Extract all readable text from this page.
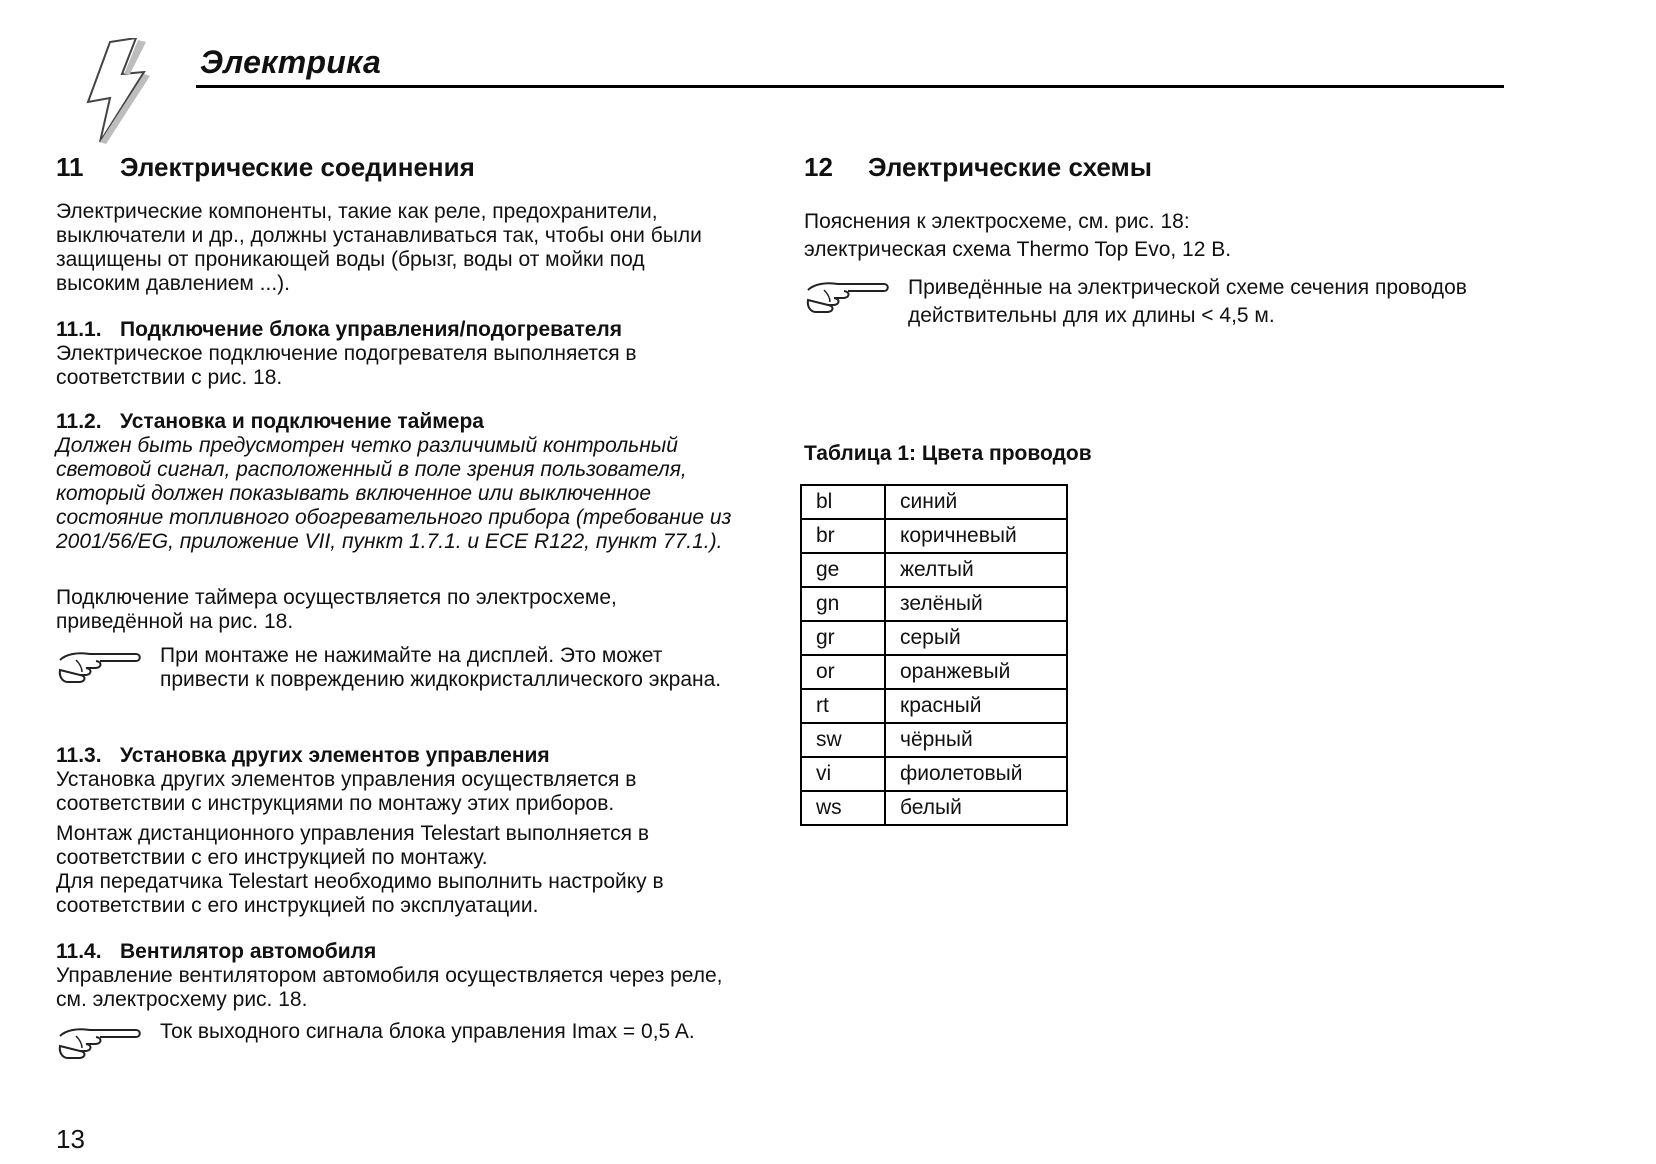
Электрика
11 Электрические соединения

Электрические компоненты, такие как реле, предохранители,

выключатели и др., должны устанавливаться так, чтобы они были

защищены от проникающей воды (брызг, воды от мойки под

высоким давлением ...).

11.1. Подключение блока управления/подогревателя

Электрическое подключение подогревателя выполняется в

соответствии с рис. 18.

11.2. Установка и подключение таймера

Должен быть предусмотрен четко различимый контрольный

световой сигнал, расположенный в поле зрения пользователя,

который должен показывать включенное или выключенное

состояние топливного обогревательного прибора (требование из

2001/56/EG, приложение VII, пункт 1.7.1. и ECE R122, пункт 77.1.).

Подключение таймера осуществляется по электросхеме,

приведённой на рис. 18.

При монтаже не нажимайте на дисплей. Это может
привести к повреждению жидкокристаллического экрана.
11.3. Установка других элементов управления

Установка других элементов управления осуществляется в

соответствии с инструкциями по монтажу этих приборов.

Монтаж дистанционного управления Telestart выполняется в

соответствии с его инструкцией по монтажу.

Для передатчика Telestart необходимо выполнить настройку в

соответствии с его инструкцией по эксплуатации.

11.4. Вентилятор автомобиля

Управление вентилятором автомобиля осуществляется через реле,

см. электросхему рис. 18.

Ток выходного сигнала блока управления Imax = 0,5 A.
12 Электрические схемы

Пояснения к электросхеме, см. рис. 18:

электрическая схема Thermo Top Evo, 12 В.

Приведённые на электрической схеме сечения проводов
действительны для их длины < 4,5 м.
Таблица 1: Цвета проводов
bl	синий
br	коричневый
ge	желтый
gn	зелёный
gr	серый
or	оранжевый
rt	красный
sw	чёрный
vi	фиолетовый
ws	белый
13
